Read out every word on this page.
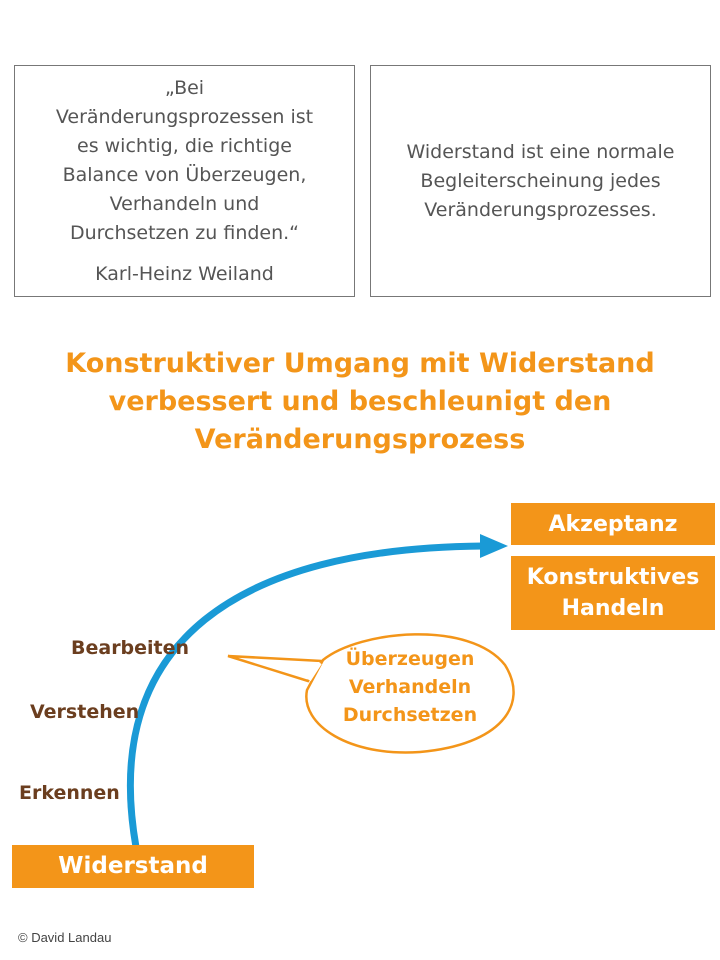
„Bei
Veränderungsprozessen ist
es wichtig, die richtige
Balance von Überzeugen,
Verhandeln und
Durchsetzen zu finden.“
Karl-Heinz Weiland
Widerstand ist eine normale
Begleiterscheinung jedes
Veränderungsprozesses.
Konstruktiver Umgang mit Widerstand
verbessert und beschleunigt den
Veränderungsprozess
Überzeugen
Verhandeln
Durchsetzen
Akzeptanz
Konstruktives
Handeln
Bearbeiten
Verstehen
Erkennen
Widerstand
© David Landau
